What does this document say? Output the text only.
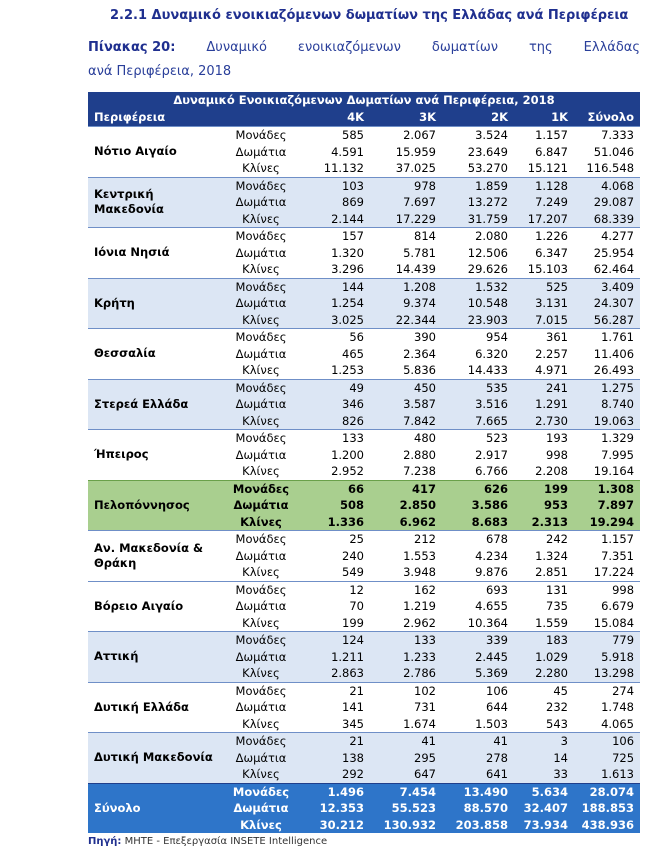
2.2.1 Δυναμικό ενοικιαζόμενων δωματίων της Ελλάδας ανά Περιφέρεια
Πίνακας 20: Δυναμικό ενοικιαζόμενων δωματίων της Ελλάδας
ανά Περιφέρεια, 2018
Δυναμικό Ενοικιαζόμενων Δωματίων ανά Περιφέρεια, 2018						
Περιφέρεια		4K	3K	2K	1K	Σύνολο
Νότιο Αιγαίο	Μονάδες	585	2.067	3.524	1.157	7.333
	Δωμάτια	4.591	15.959	23.649	6.847	51.046
	Κλίνες	11.132	37.025	53.270	15.121	116.548
Κεντρική Μακεδονία	Μονάδες	103	978	1.859	1.128	4.068
	Δωμάτια	869	7.697	13.272	7.249	29.087
	Κλίνες	2.144	17.229	31.759	17.207	68.339
Ιόνια Νησιά	Μονάδες	157	814	2.080	1.226	4.277
	Δωμάτια	1.320	5.781	12.506	6.347	25.954
	Κλίνες	3.296	14.439	29.626	15.103	62.464
Κρήτη	Μονάδες	144	1.208	1.532	525	3.409
	Δωμάτια	1.254	9.374	10.548	3.131	24.307
	Κλίνες	3.025	22.344	23.903	7.015	56.287
Θεσσαλία	Μονάδες	56	390	954	361	1.761
	Δωμάτια	465	2.364	6.320	2.257	11.406
	Κλίνες	1.253	5.836	14.433	4.971	26.493
Στερεά Ελλάδα	Μονάδες	49	450	535	241	1.275
	Δωμάτια	346	3.587	3.516	1.291	8.740
	Κλίνες	826	7.842	7.665	2.730	19.063
Ήπειρος	Μονάδες	133	480	523	193	1.329
	Δωμάτια	1.200	2.880	2.917	998	7.995
	Κλίνες	2.952	7.238	6.766	2.208	19.164
Πελοπόννησος	Μονάδες	66	417	626	199	1.308
	Δωμάτια	508	2.850	3.586	953	7.897
	Κλίνες	1.336	6.962	8.683	2.313	19.294
Αν. Μακεδονία & Θράκη	Μονάδες	25	212	678	242	1.157
	Δωμάτια	240	1.553	4.234	1.324	7.351
	Κλίνες	549	3.948	9.876	2.851	17.224
Βόρειο Αιγαίο	Μονάδες	12	162	693	131	998
	Δωμάτια	70	1.219	4.655	735	6.679
	Κλίνες	199	2.962	10.364	1.559	15.084
Αττική	Μονάδες	124	133	339	183	779
	Δωμάτια	1.211	1.233	2.445	1.029	5.918
	Κλίνες	2.863	2.786	5.369	2.280	13.298
Δυτική Ελλάδα	Μονάδες	21	102	106	45	274
	Δωμάτια	141	731	644	232	1.748
	Κλίνες	345	1.674	1.503	543	4.065
Δυτική Μακεδονία	Μονάδες	21	41	41	3	106
	Δωμάτια	138	295	278	14	725
	Κλίνες	292	647	641	33	1.613
Σύνολο	Μονάδες	1.496	7.454	13.490	5.634	28.074
	Δωμάτια	12.353	55.523	88.570	32.407	188.853
	Κλίνες	30.212	130.932	203.858	73.934	438.936
Πηγή: ΜΗΤΕ - Επεξεργασία INSETE Intelligence
